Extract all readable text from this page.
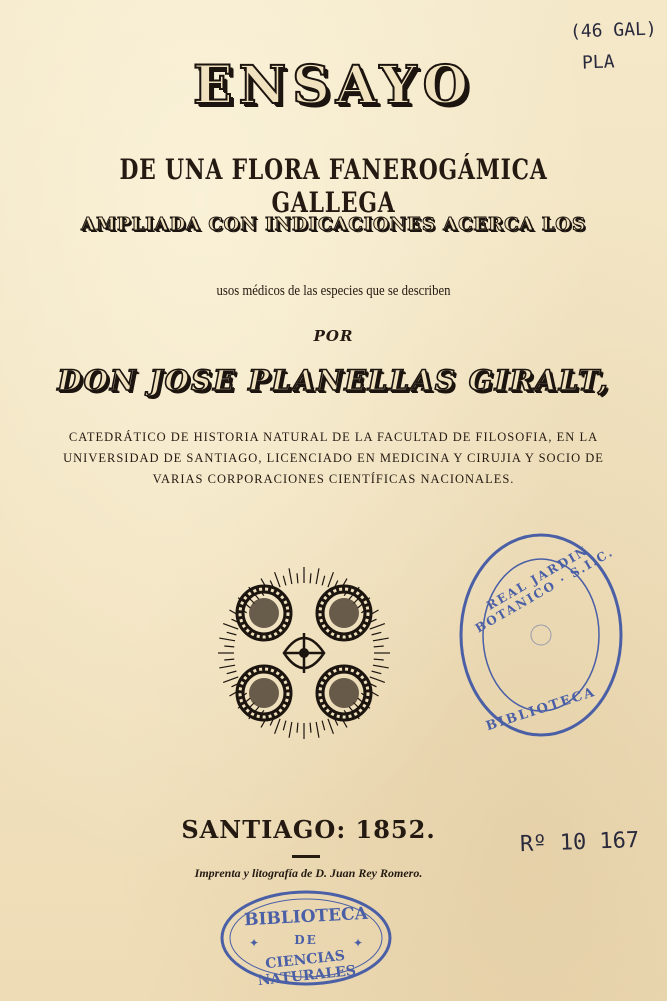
(46 GAL)
PLA
ENSAYO
DE UNA FLORA FANEROGÁMICA GALLEGA
AMPLIADA CON INDICACIONES ACERCA LOS
usos médicos de las especies que se describen
POR
DON JOSE PLANELLAS GIRALT,
CATEDRÁTICO DE HISTORIA NATURAL DE LA FACULTAD DE FILOSOFIA, EN LA UNIVERSIDAD DE SANTIAGO, LICENCIADO EN MEDICINA Y CIRUJIA Y SOCIO DE VARIAS CORPORACIONES CIENTÍFICAS NACIONALES.
REAL JARDIN BOTANICO · S.I.C.
BIBLIOTECA
SANTIAGO: 1852.
Imprenta y litografía de D. Juan Rey Romero.
Rº 10 167
✦	✦
BIBLIOTECA
DE
CIENCIAS NATURALES
